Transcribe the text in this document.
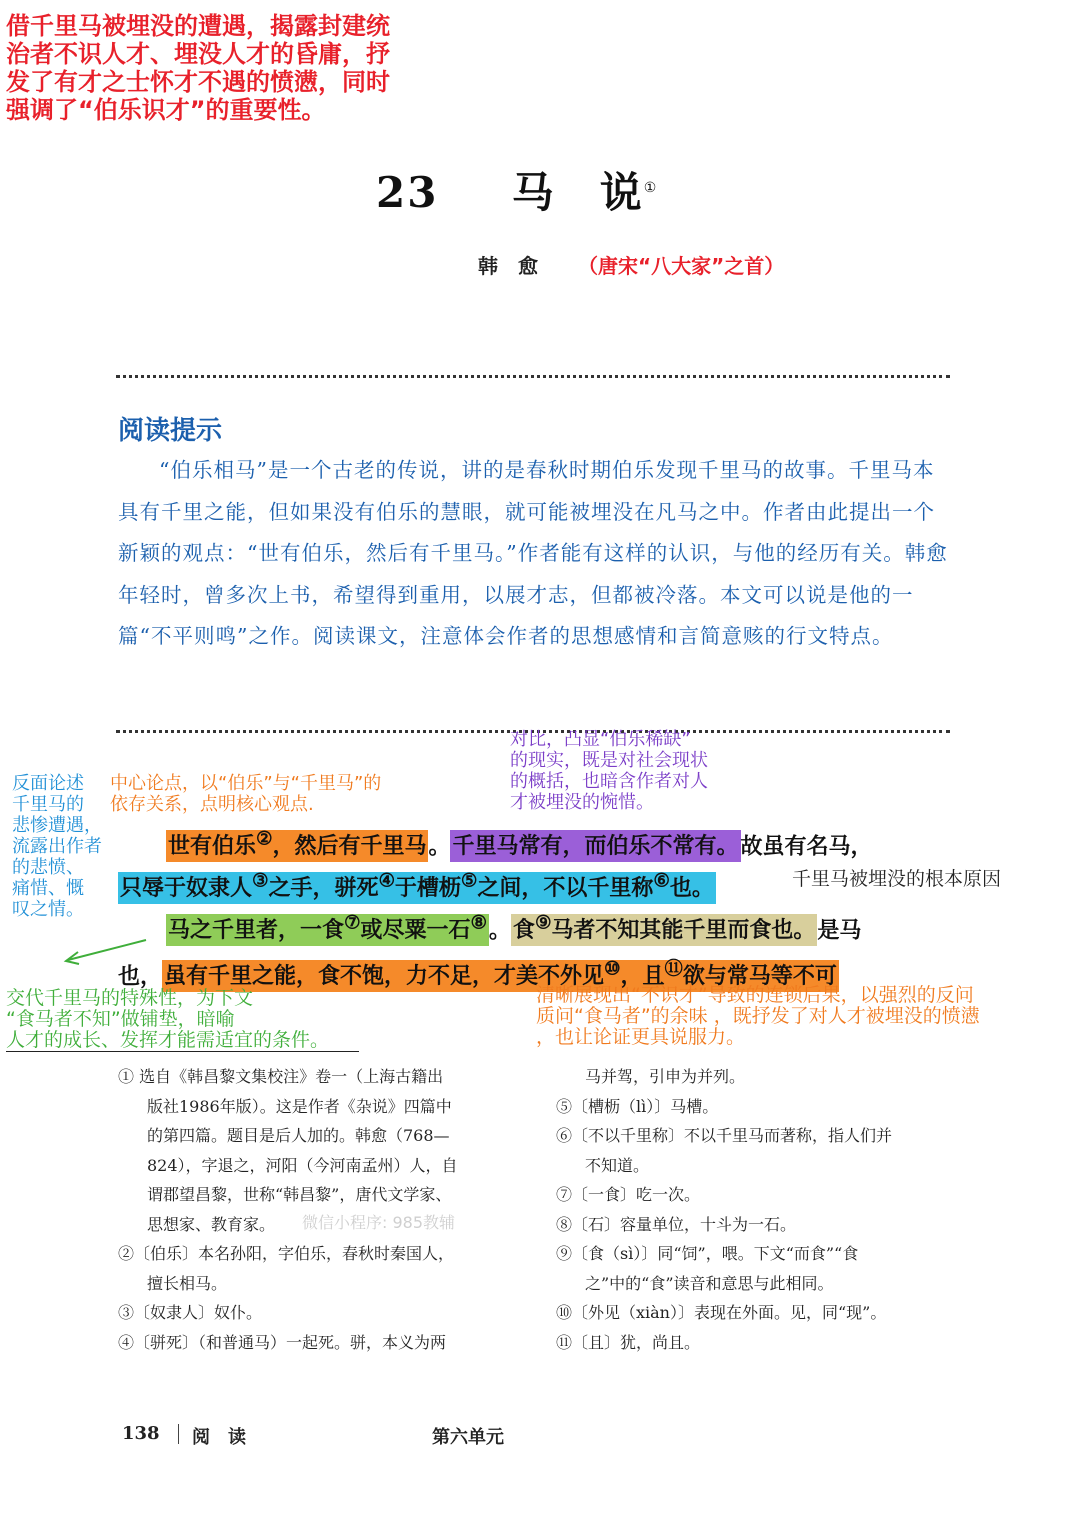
借千里马被埋没的遭遇，揭露封建统
治者不识人才、埋没人才的昏庸，抒
发了有才之士怀才不遇的愤懑，同时
强调了“伯乐识才”的重要性。
23 马　说①
韩　愈 （唐宋“八大家”之首）
阅读提示
“伯乐相马”是一个古老的传说，讲的是春秋时期伯乐发现千里马的故事。千里马本具有千里之能，但如果没有伯乐的慧眼，就可能被埋没在凡马之中。作者由此提出一个新颖的观点：“世有伯乐，然后有千里马。”作者能有这样的认识，与他的经历有关。韩愈年轻时，曾多次上书，希望得到重用，以展才志，但都被冷落。本文可以说是他的一篇“不平则鸣”之作。阅读课文，注意体会作者的思想感情和言简意赅的行文特点。
反面论述
千里马的
悲惨遭遇，
流露出作者
的悲愤、
痛惜、慨
叹之情。
中心论点，以“伯乐”与“千里马”的
依存关系，点明核心观点.
对比，凸显“伯乐稀缺”
的现实，既是对社会现状
的概括，也暗含作者对人
才被埋没的惋惜。
世有伯乐②，然后有千里马。千里马常有，而伯乐不常有。故虽有名马，
只辱于奴隶人③之手，骈死④于槽枥⑤之间，不以千里称⑥也。	千里马被埋没的根本原因
马之千里者，一食⑦或尽粟一石⑧。食⑨马者不知其能千里而食也。是马
也，虽有千里之能，食不饱，力不足，才美不外见⑩，且⑪欲与常马等不可
交代千里马的特殊性，为下文
“食马者不知”做铺垫，暗喻
人才的成长、发挥才能需适宜的条件。
清晰展现出“不识才”导致的连锁后果，以强烈的反问
质问“食马者”的余味 ，既抒发了对人才被埋没的愤懑
，也让论证更具说服力。
① 选自《韩昌黎文集校注》卷一（上海古籍出
版社1986年版）。这是作者《杂说》四篇中
的第四篇。题目是后人加的。韩愈（768—
824），字退之，河阳（今河南孟州）人，自
谓郡望昌黎，世称“韩昌黎”，唐代文学家、
思想家、教育家。
②〔伯乐〕本名孙阳，字伯乐，春秋时秦国人，
擅长相马。
③〔奴隶人〕奴仆。
④〔骈死〕（和普通马）一起死。骈，本义为两
马并驾，引申为并列。
⑤〔槽枥（lì）〕马槽。
⑥〔不以千里称〕不以千里马而著称，指人们并
不知道。
⑦〔一食〕吃一次。
⑧〔石〕容量单位，十斗为一石。
⑨〔食（sì）〕同“饲”，喂。下文“而食”“食
之”中的“食”读音和意思与此相同。
⑩〔外见（xiàn）〕表现在外面。见，同“现”。
⑪〔且〕犹，尚且。
微信小程序: 985教辅
138 阅　读	第六单元
